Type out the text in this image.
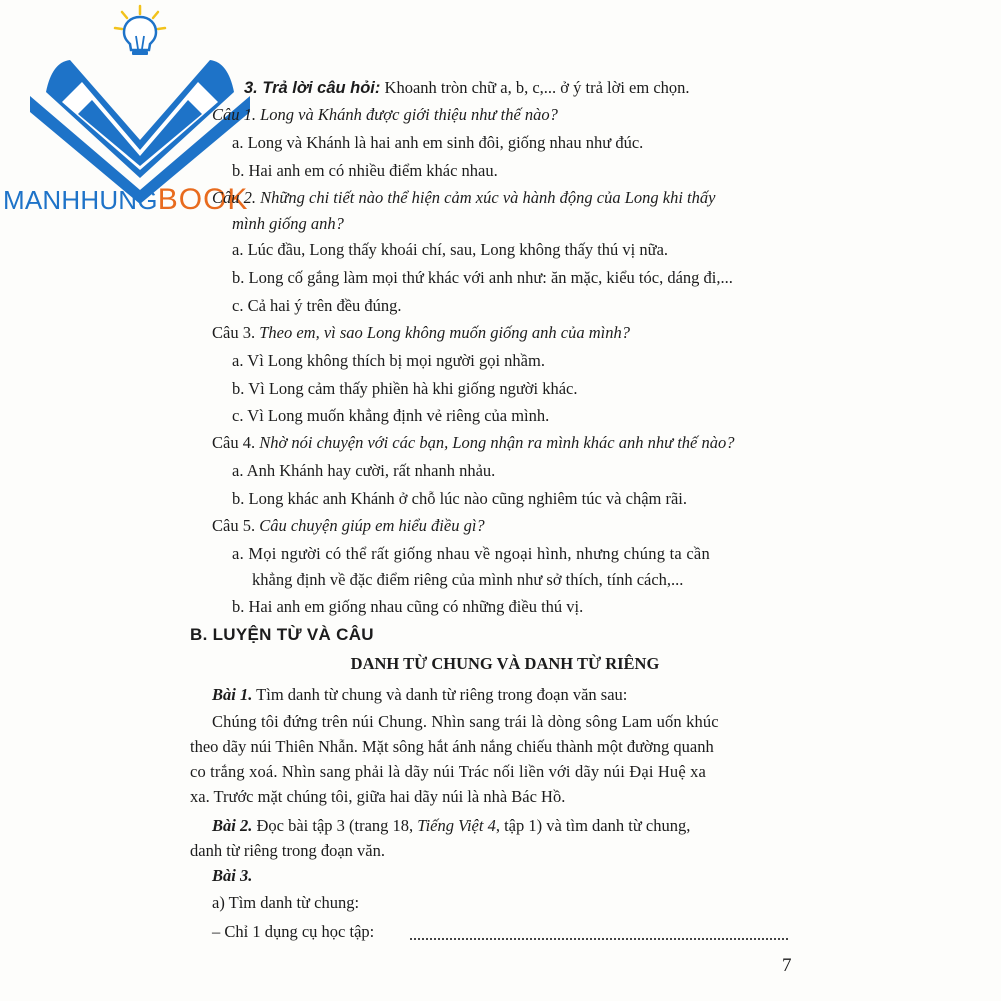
MANHHUNGBOOK
3. Trả lời câu hỏi: Khoanh tròn chữ a, b, c,... ở ý trả lời em chọn.
Câu 1. Long và Khánh được giới thiệu như thế nào?
a. Long và Khánh là hai anh em sinh đôi, giống nhau như đúc.
b. Hai anh em có nhiều điểm khác nhau.
Câu 2. Những chi tiết nào thể hiện cảm xúc và hành động của Long khi thấy
mình giống anh?
a. Lúc đầu, Long thấy khoái chí, sau, Long không thấy thú vị nữa.
b. Long cố gắng làm mọi thứ khác với anh như: ăn mặc, kiểu tóc, dáng đi,...
c. Cả hai ý trên đều đúng.
Câu 3. Theo em, vì sao Long không muốn giống anh của mình?
a. Vì Long không thích bị mọi người gọi nhầm.
b. Vì Long cảm thấy phiền hà khi giống người khác.
c. Vì Long muốn khẳng định vẻ riêng của mình.
Câu 4. Nhờ nói chuyện với các bạn, Long nhận ra mình khác anh như thế nào?
a. Anh Khánh hay cười, rất nhanh nhảu.
b. Long khác anh Khánh ở chỗ lúc nào cũng nghiêm túc và chậm rãi.
Câu 5. Câu chuyện giúp em hiểu điều gì?
a. Mọi người có thể rất giống nhau về ngoại hình, nhưng chúng ta cần
khẳng định về đặc điểm riêng của mình như sở thích, tính cách,...
b. Hai anh em giống nhau cũng có những điều thú vị.
B. LUYỆN TỪ VÀ CÂU
DANH TỪ CHUNG VÀ DANH TỪ RIÊNG
Bài 1. Tìm danh từ chung và danh từ riêng trong đoạn văn sau:
Chúng tôi đứng trên núi Chung. Nhìn sang trái là dòng sông Lam uốn khúc
theo dãy núi Thiên Nhẫn. Mặt sông hắt ánh nắng chiếu thành một đường quanh
co trắng xoá. Nhìn sang phải là dãy núi Trác nối liền với dãy núi Đại Huệ xa
xa. Trước mặt chúng tôi, giữa hai dãy núi là nhà Bác Hồ.
Bài 2. Đọc bài tập 3 (trang 18, Tiếng Việt 4, tập 1) và tìm danh từ chung,
danh từ riêng trong đoạn văn.
Bài 3.
a) Tìm danh từ chung:
– Chỉ 1 dụng cụ học tập:
7
